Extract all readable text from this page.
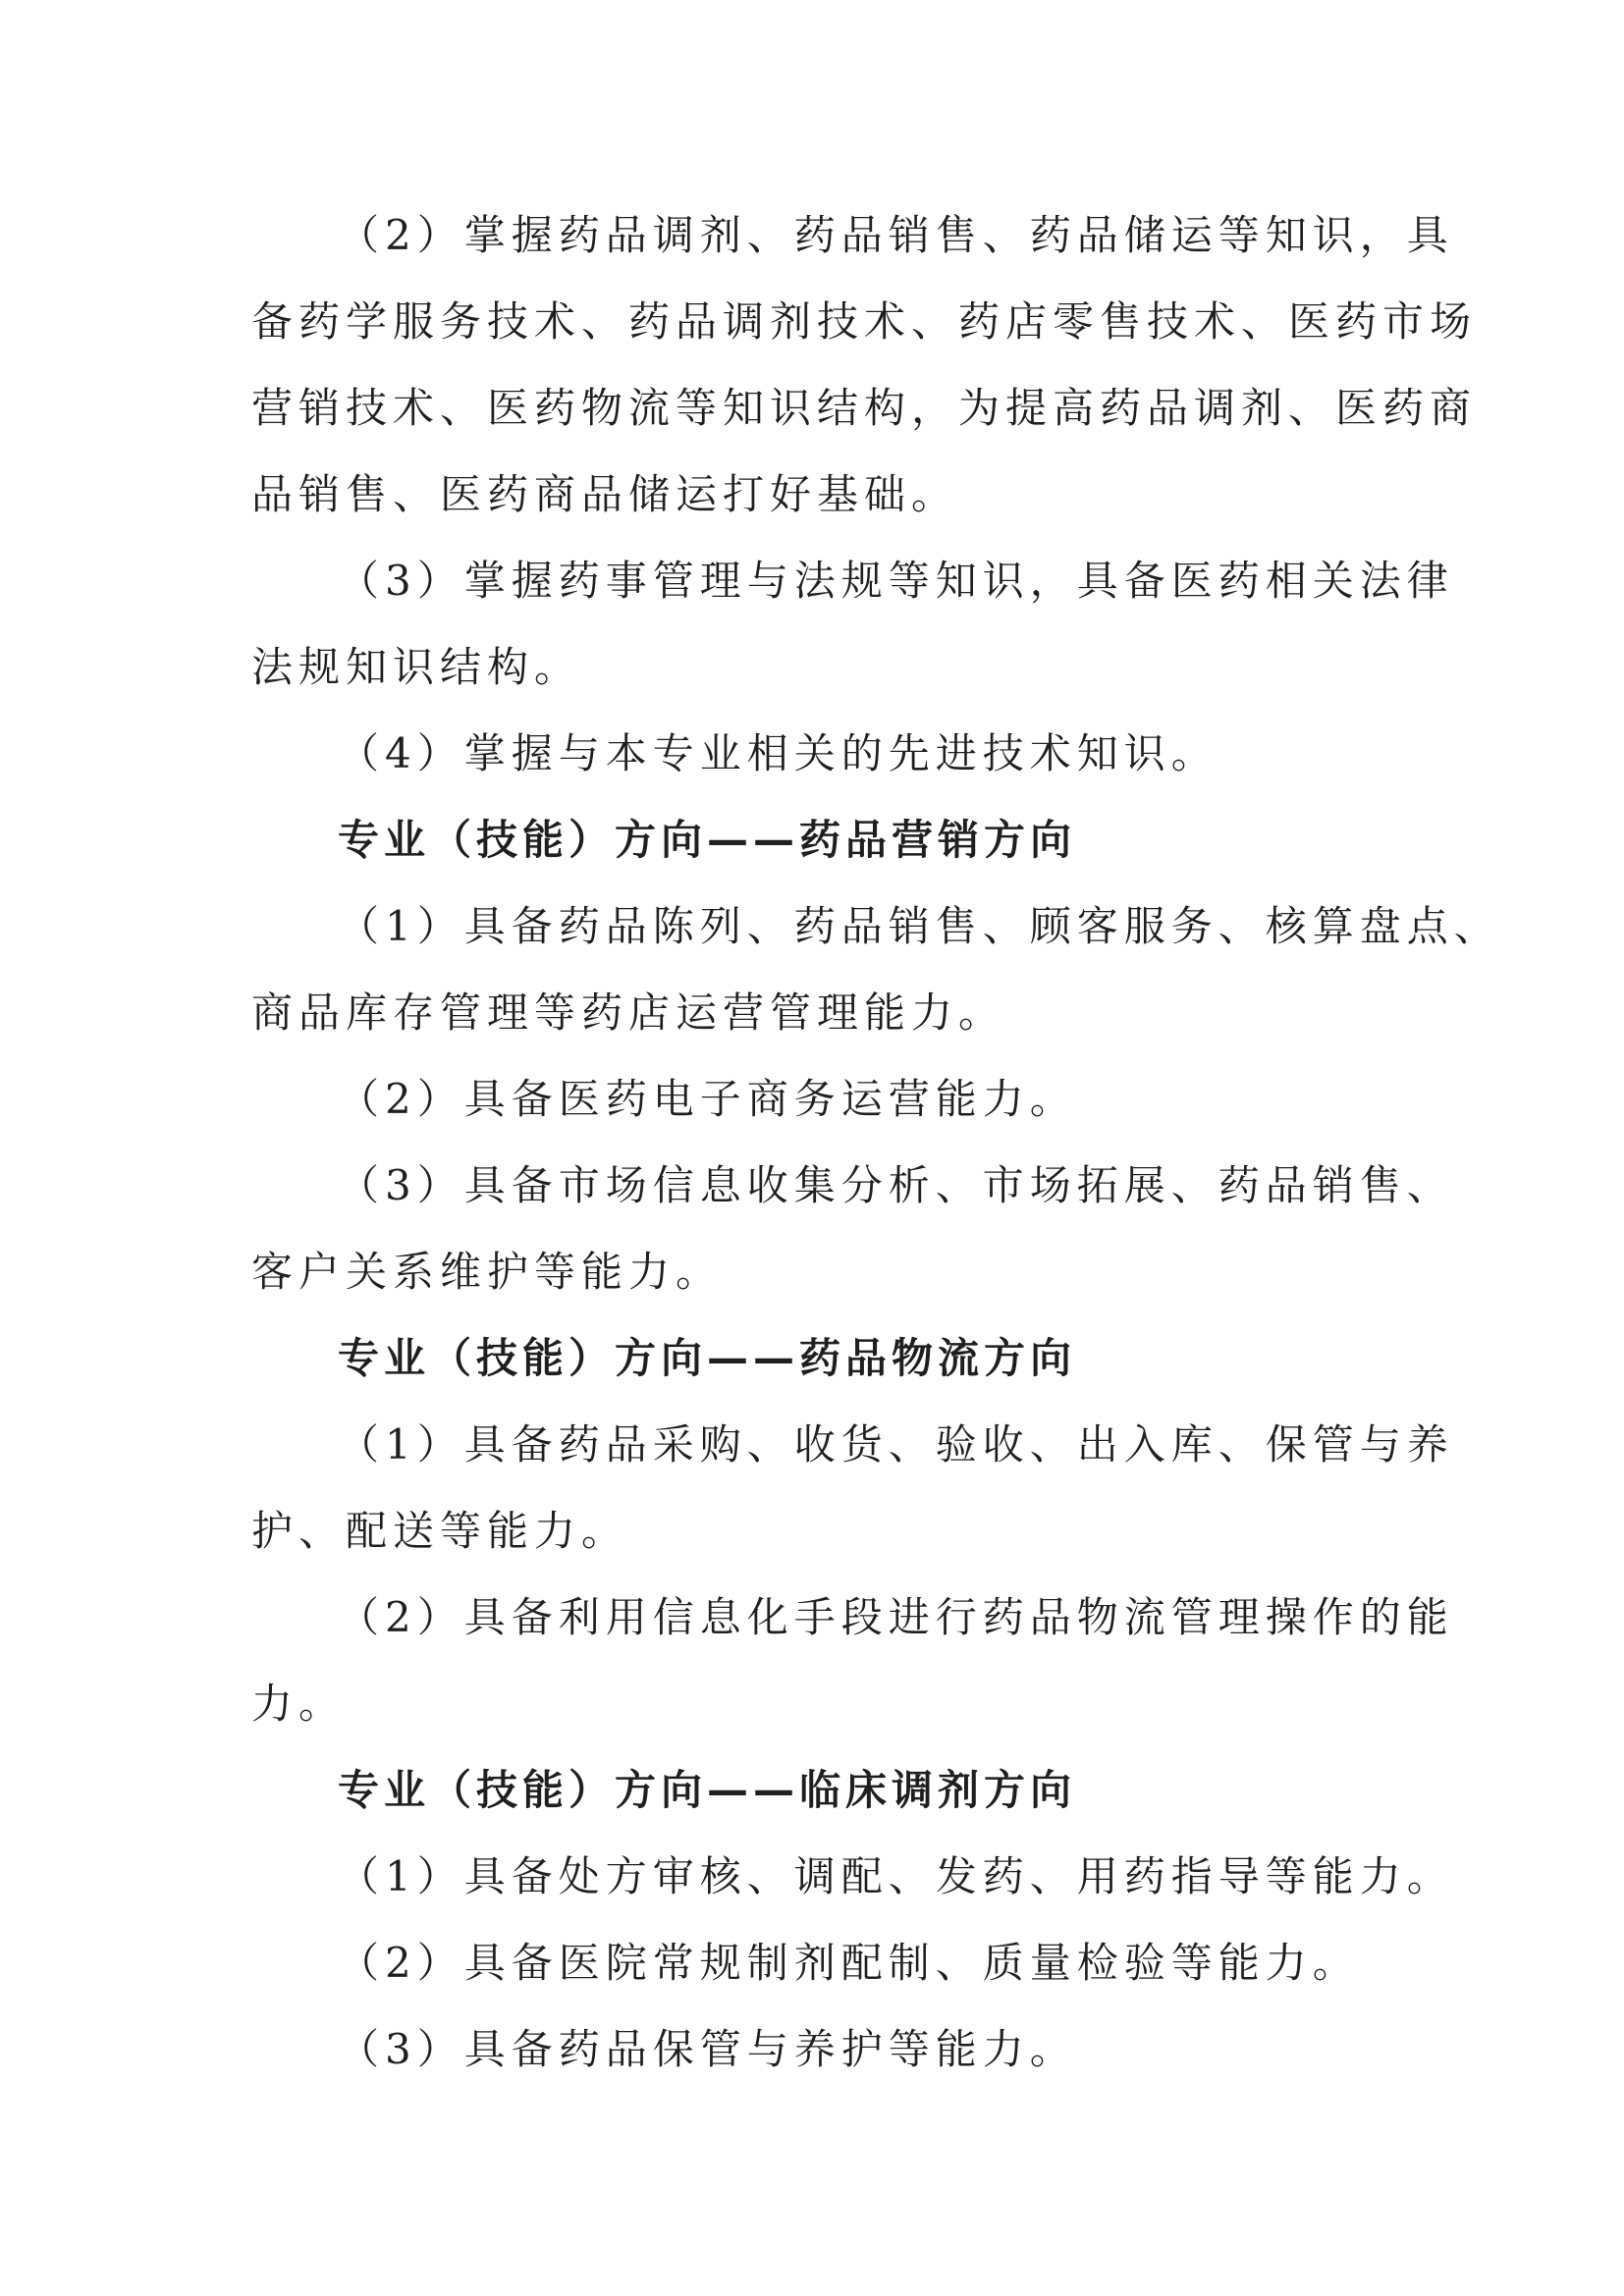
（2）掌握药品调剂、药品销售、药品储运等知识，具
备药学服务技术、药品调剂技术、药店零售技术、医药市场
营销技术、医药物流等知识结构，为提高药品调剂、医药商
品销售、医药商品储运打好基础。
（3）掌握药事管理与法规等知识，具备医药相关法律
法规知识结构。
（4）掌握与本专业相关的先进技术知识。
专业（技能）方向——药品营销方向
（1）具备药品陈列、药品销售、顾客服务、核算盘点、
商品库存管理等药店运营管理能力。
（2）具备医药电子商务运营能力。
（3）具备市场信息收集分析、市场拓展、药品销售、
客户关系维护等能力。
专业（技能）方向——药品物流方向
（1）具备药品采购、收货、验收、出入库、保管与养
护、配送等能力。
（2）具备利用信息化手段进行药品物流管理操作的能
力。
专业（技能）方向——临床调剂方向
（1）具备处方审核、调配、发药、用药指导等能力。
（2）具备医院常规制剂配制、质量检验等能力。
（3）具备药品保管与养护等能力。
